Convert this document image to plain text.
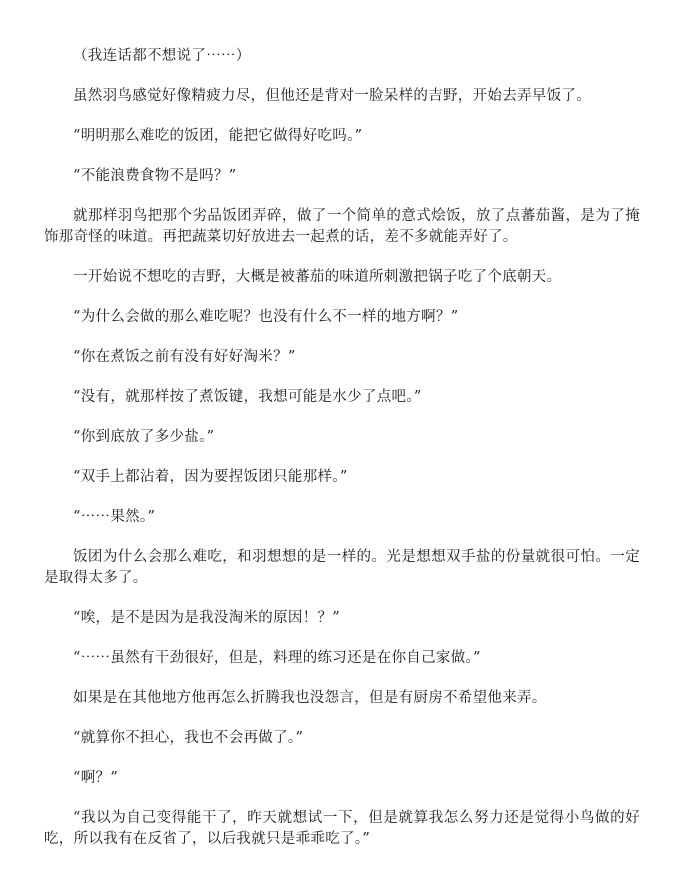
（我连话都不想说了⋯⋯）

虽然羽鸟感觉好像精疲力尽，但他还是背对一脸呆样的吉野，开始去弄早饭了。

“明明那么难吃的饭团，能把它做得好吃吗。”

“不能浪费食物不是吗？”

就那样羽鸟把那个劣品饭团弄碎，做了一个简单的意式烩饭，放了点蕃茄酱，是为了掩饰那奇怪的味道。再把蔬菜切好放进去一起煮的话，差不多就能弄好了。

一开始说不想吃的吉野，大概是被蕃茄的味道所刺激把锅子吃了个底朝天。

“为什么会做的那么难吃呢？也没有什么不一样的地方啊？”

“你在煮饭之前有没有好好淘米？”

“没有，就那样按了煮饭键，我想可能是水少了点吧。”

“你到底放了多少盐。”

“双手上都沾着，因为要捏饭团只能那样。”

“⋯⋯果然。”

饭团为什么会那么难吃，和羽想想的是一样的。光是想想双手盐的份量就很可怕。一定是取得太多了。

“唉，是不是因为是我没淘米的原因！？”

“⋯⋯虽然有干劲很好，但是，料理的练习还是在你自己家做。”

如果是在其他地方他再怎么折腾我也没怨言，但是有厨房不希望他来弄。

“就算你不担心，我也不会再做了。”

“啊？”

“我以为自己变得能干了，昨天就想试一下，但是就算我怎么努力还是觉得小鸟做的好吃，所以我有在反省了，以后我就只是乖乖吃了。”
